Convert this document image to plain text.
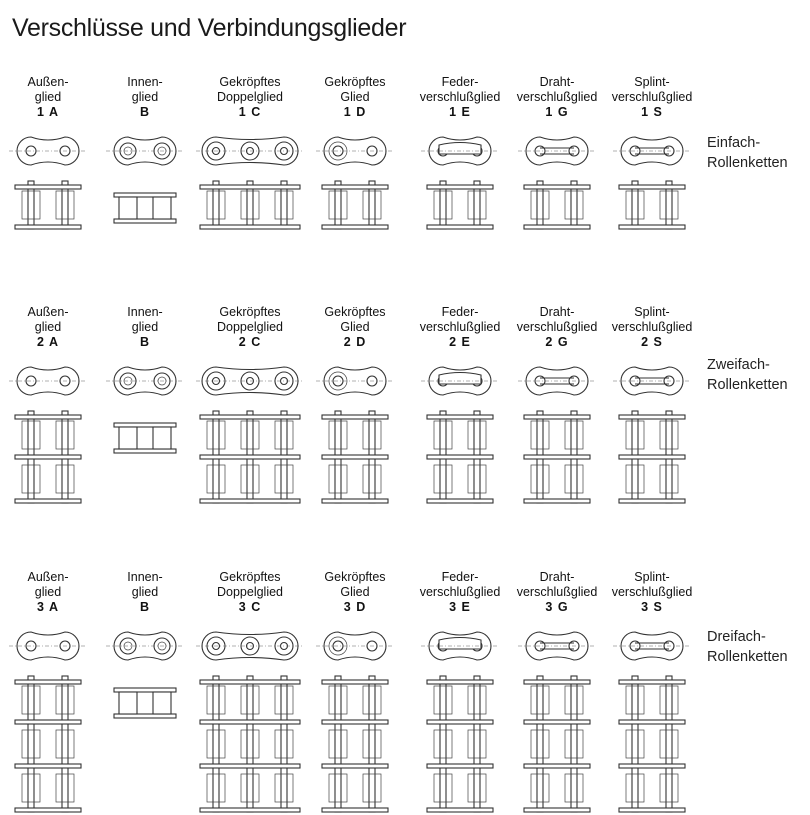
Verschlüsse und Verbindungsglieder
Außen-
glied
1 A
Innen-
glied
B
Gekröpftes
Doppelglied
1 C
Gekröpftes
Glied
1 D
Feder-
verschlußglied
1 E
Draht-
verschlußglied
1 G
Splint-
verschlußglied
1 S
Einfach-
Rollenketten
Außen-
glied
2 A
Innen-
glied
B
Gekröpftes
Doppelglied
2 C
Gekröpftes
Glied
2 D
Feder-
verschlußglied
2 E
Draht-
verschlußglied
2 G
Splint-
verschlußglied
2 S
Zweifach-
Rollenketten
Außen-
glied
3 A
Innen-
glied
B
Gekröpftes
Doppelglied
3 C
Gekröpftes
Glied
3 D
Feder-
verschlußglied
3 E
Draht-
verschlußglied
3 G
Splint-
verschlußglied
3 S
Dreifach-
Rollenketten
